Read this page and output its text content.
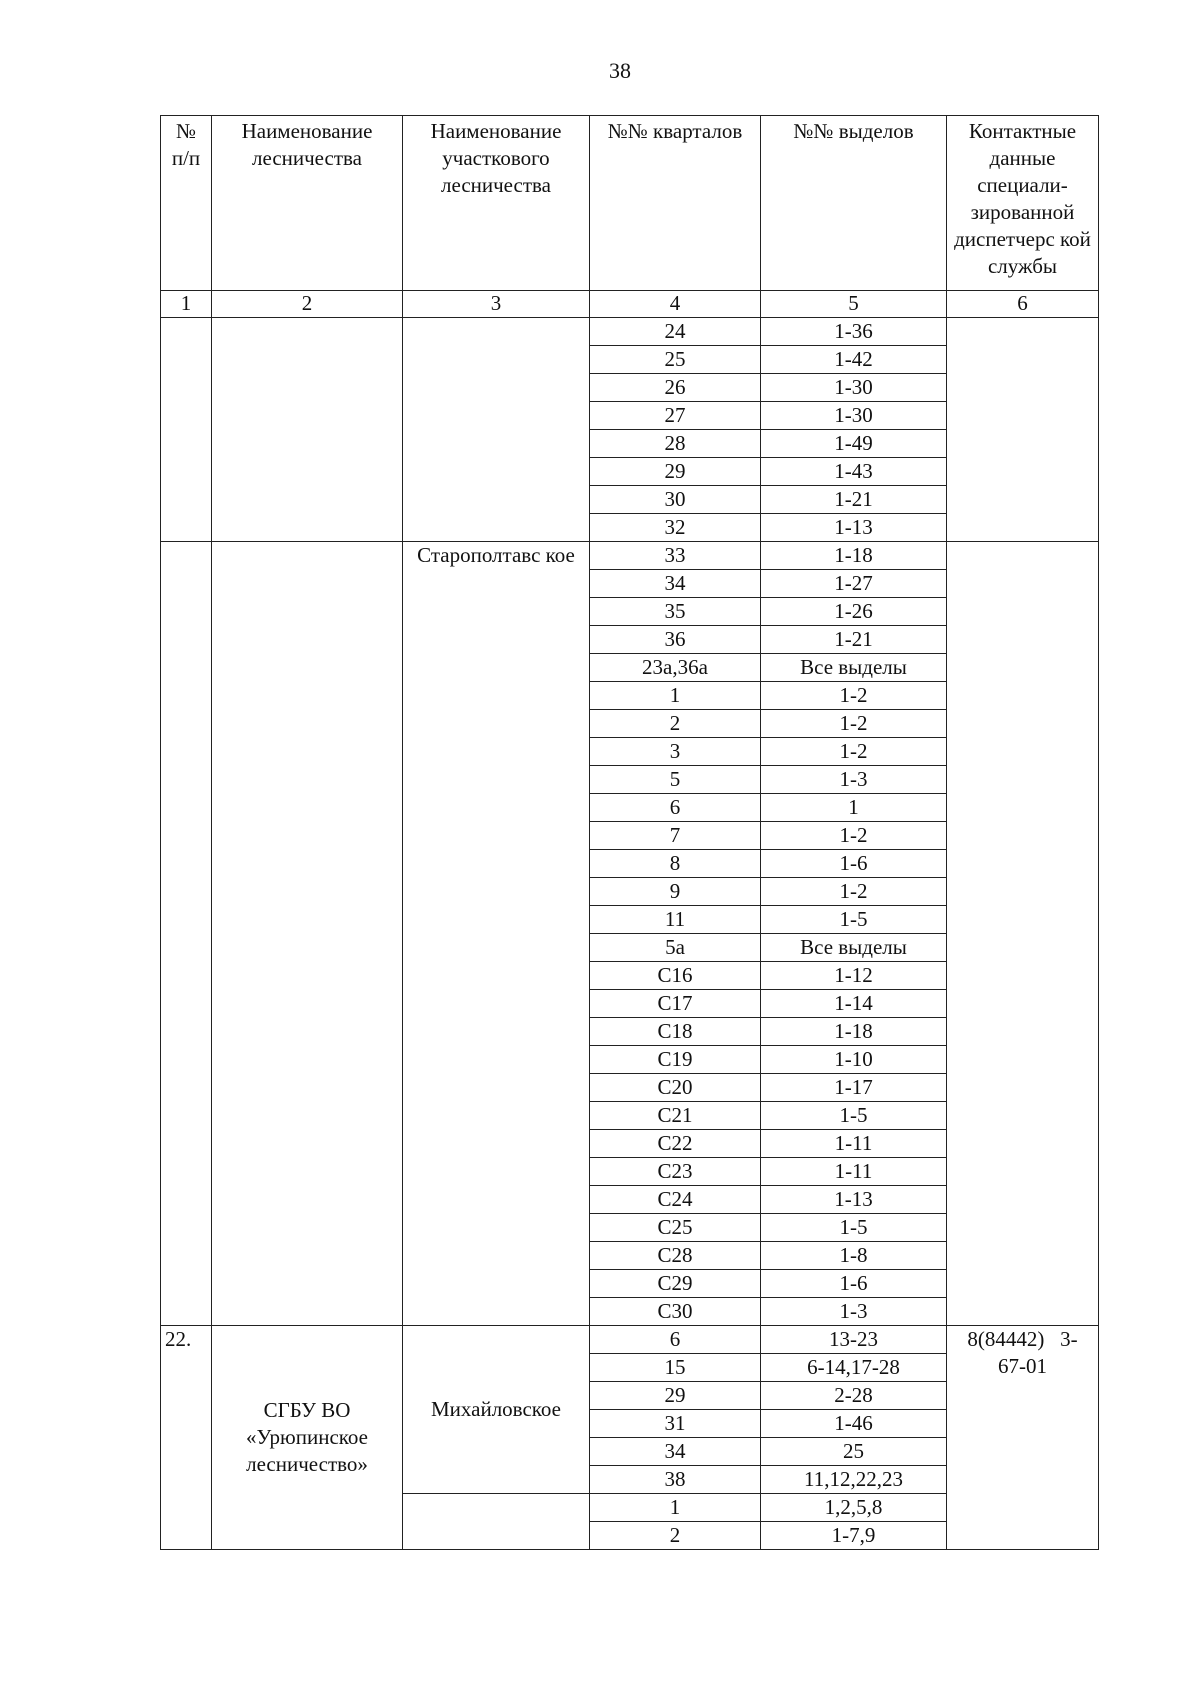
38
№ п/п	Наименование лесничества	Наименование участкового лесничества	№№ кварталов	№№ выделов	Контактные данные специали-зированной диспетчерс кой службы
1	2	3	4	5	6
			24	1-36	
			25	1-42	
			26	1-30	
			27	1-30	
			28	1-49	
			29	1-43	
			30	1-21	
			32	1-13	
		Старополтавс кое	33	1-18	
			34	1-27	
			35	1-26	
			36	1-21	
			23а,36а	Все выделы	
			1	1-2	
			2	1-2	
			3	1-2	
			5	1-3	
			6	1	
			7	1-2	
			8	1-6	
			9	1-2	
			11	1-5	
			5а	Все выделы	
			С16	1-12	
			С17	1-14	
			С18	1-18	
			С19	1-10	
			С20	1-17	
			С21	1-5	
			С22	1-11	
			С23	1-11	
			С24	1-13	
			С25	1-5	
			С28	1-8	
			С29	1-6	
			С30	1-3	
22.	СГБУ ВО «Урюпинское лесничество»	Михайловское	6	13-23	8(84442)   3-
67-01

			15	6-14,17-28	
			29	2-28	
			31	1-46	
			34	25	
			38	11,12,22,23	
			1	1,2,5,8	
			2	1-7,9	
